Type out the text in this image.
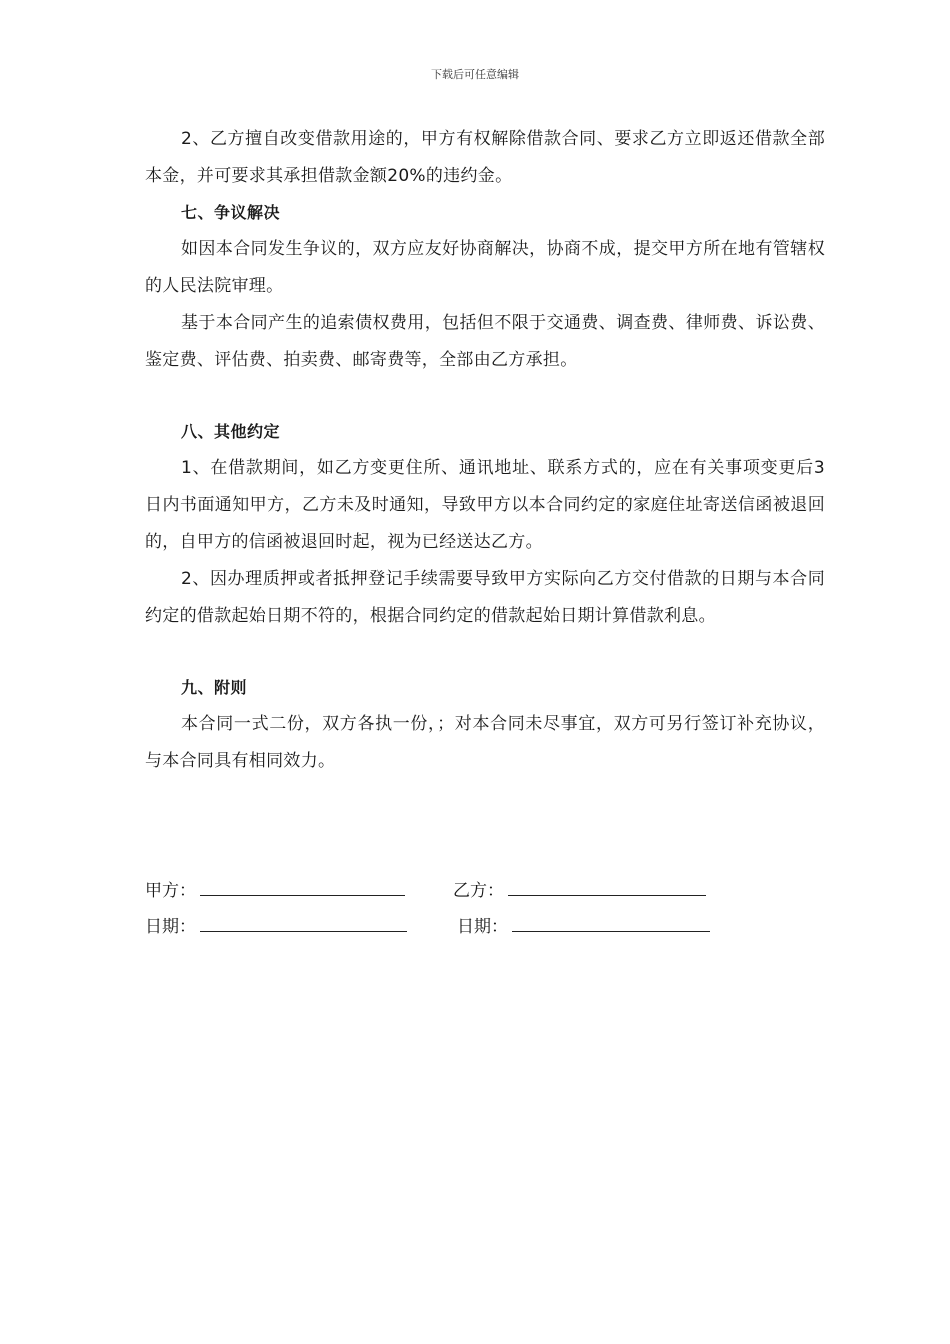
下载后可任意编辑

2、乙方擅自改变借款用途的，甲方有权解除借款合同、要求乙方立即返还借款全部本金，并可要求其承担借款金额20%的违约金。

七、争议解决

如因本合同发生争议的，双方应友好协商解决，协商不成，提交甲方所在地有管辖权的人民法院审理。

基于本合同产生的追索债权费用，包括但不限于交通费、调查费、律师费、诉讼费、鉴定费、评估费、拍卖费、邮寄费等，全部由乙方承担。

八、其他约定

1、在借款期间，如乙方变更住所、通讯地址、联系方式的，应在有关事项变更后3日内书面通知甲方，乙方未及时通知，导致甲方以本合同约定的家庭住址寄送信函被退回的，自甲方的信函被退回时起，视为已经送达乙方。

2、因办理质押或者抵押登记手续需要导致甲方实际向乙方交付借款的日期与本合同约定的借款起始日期不符的，根据合同约定的借款起始日期计算借款利息。

九、附则

本合同一式二份，双方各执一份，；对本合同未尽事宜，双方可另行签订补充协议，与本合同具有相同效力。

甲方：	乙方：
日期：	日期：
